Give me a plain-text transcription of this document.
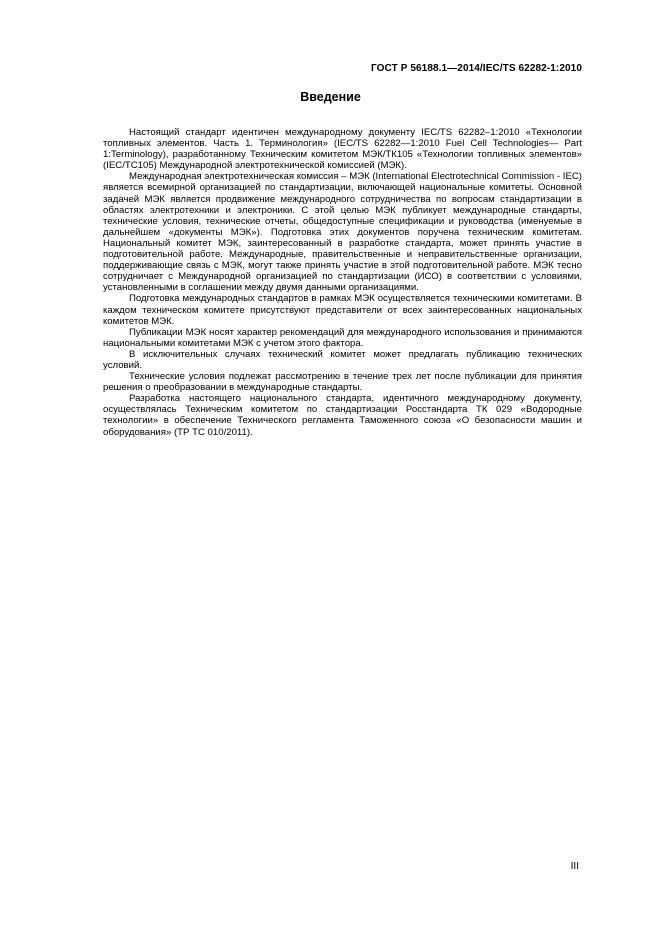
ГОСТ Р 56188.1—2014/IEC/TS 62282-1:2010
Введение

Настоящий стандарт идентичен международному документу IEC/TS 62282–1:2010 «Технологии топливных элементов. Часть 1. Терминология» (IEC/TS 62282—1:2010 Fuel Cell Technologies— Part 1:Terminology), разработанному Техническим комитетом МЭК/ТК105 «Технологии топливных элементов» (IEC/TC105) Международной электротехнической комиссией (МЭК).

Международная электротехническая комиссия – МЭК (International Electrotechnical Commission - IEC) является всемирной организацией по стандартизации, включающей национальные комитеты. Основной задачей МЭК является продвижение международного сотрудничества по вопросам стандартизации в областях электротехники и электроники. С этой целью МЭК публикует международные стандарты, технические условия, технические отчеты, общедоступные спецификации и руководства (именуемые в дальнейшем «документы МЭК»). Подготовка этих документов поручена техническим комитетам. Национальный комитет МЭК, заинтересованный в разработке стандарта, может принять участие в подготовительной работе. Международные, правительственные и неправительственные организации, поддерживающие связь с МЭК, могут также принять участие в этой подготовительной работе. МЭК тесно сотрудничает с Международной организацией по стандартизации (ИСО) в соответствии с условиями, установленными в соглашении между двумя данными организациями.

Подготовка международных стандартов в рамках МЭК осуществляется техническими комитетами. В каждом техническом комитете присутствуют представители от всех заинтересованных национальных комитетов МЭК.

Публикации МЭК носят характер рекомендаций для международного использования и принимаются национальными комитетами МЭК с учетом этого фактора.

В исключительных случаях технический комитет может предлагать публикацию технических условий.

Технические условия подлежат рассмотрению в течение трех лет после публикации для принятия решения о преобразовании в международные стандарты.

Разработка настоящего национального стандарта, идентичного международному документу, осуществлялась Техническим комитетом по стандартизации Росстандарта ТК 029 «Водородные технологии» в обеспечение Технического регламента Таможенного союза «О безопасности машин и оборудования» (ТР ТС 010/2011).

III
